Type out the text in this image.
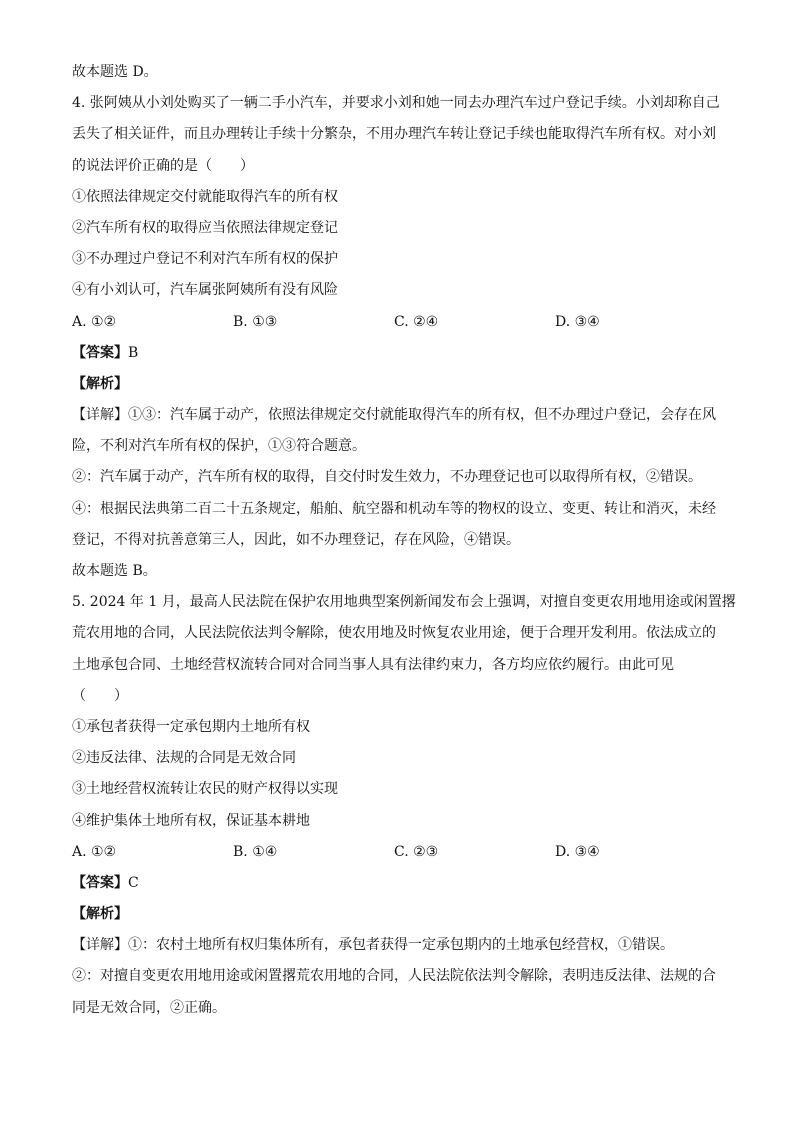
故本题选 D。
4. 张阿姨从小刘处购买了一辆二手小汽车，并要求小刘和她一同去办理汽车过户登记手续。小刘却称自己
丢失了相关证件，而且办理转让手续十分繁杂，不用办理汽车转让登记手续也能取得汽车所有权。对小刘
的说法评价正确的是（　　）
①依照法律规定交付就能取得汽车的所有权
②汽车所有权的取得应当依照法律规定登记
③不办理过户登记不利对汽车所有权的保护
④有小刘认可，汽车属张阿姨所有没有风险
A. ①②	B. ①③	C. ②④	D. ③④
【答案】B
【解析】
【详解】①③：汽车属于动产，依照法律规定交付就能取得汽车的所有权，但不办理过户登记，会存在风
险，不利对汽车所有权的保护，①③符合题意。
②：汽车属于动产，汽车所有权的取得，自交付时发生效力，不办理登记也可以取得所有权，②错误。
④：根据民法典第二百二十五条规定，船舶、航空器和机动车等的物权的设立、变更、转让和消灭，未经
登记，不得对抗善意第三人，因此，如不办理登记，存在风险，④错误。
故本题选 B。
5. 2024 年 1 月，最高人民法院在保护农用地典型案例新闻发布会上强调，对擅自变更农用地用途或闲置撂
荒农用地的合同，人民法院依法判令解除，使农用地及时恢复农业用途，便于合理开发利用。依法成立的
土地承包合同、土地经营权流转合同对合同当事人具有法律约束力，各方均应依约履行。由此可见
（　　）
①承包者获得一定承包期内土地所有权
②违反法律、法规的合同是无效合同
③土地经营权流转让农民的财产权得以实现
④维护集体土地所有权，保证基本耕地
A. ①②	B. ①④	C. ②③	D. ③④
【答案】C
【解析】
【详解】①：农村土地所有权归集体所有，承包者获得一定承包期内的土地承包经营权，①错误。
②：对擅自变更农用地用途或闲置撂荒农用地的合同，人民法院依法判令解除，表明违反法律、法规的合
同是无效合同，②正确。
